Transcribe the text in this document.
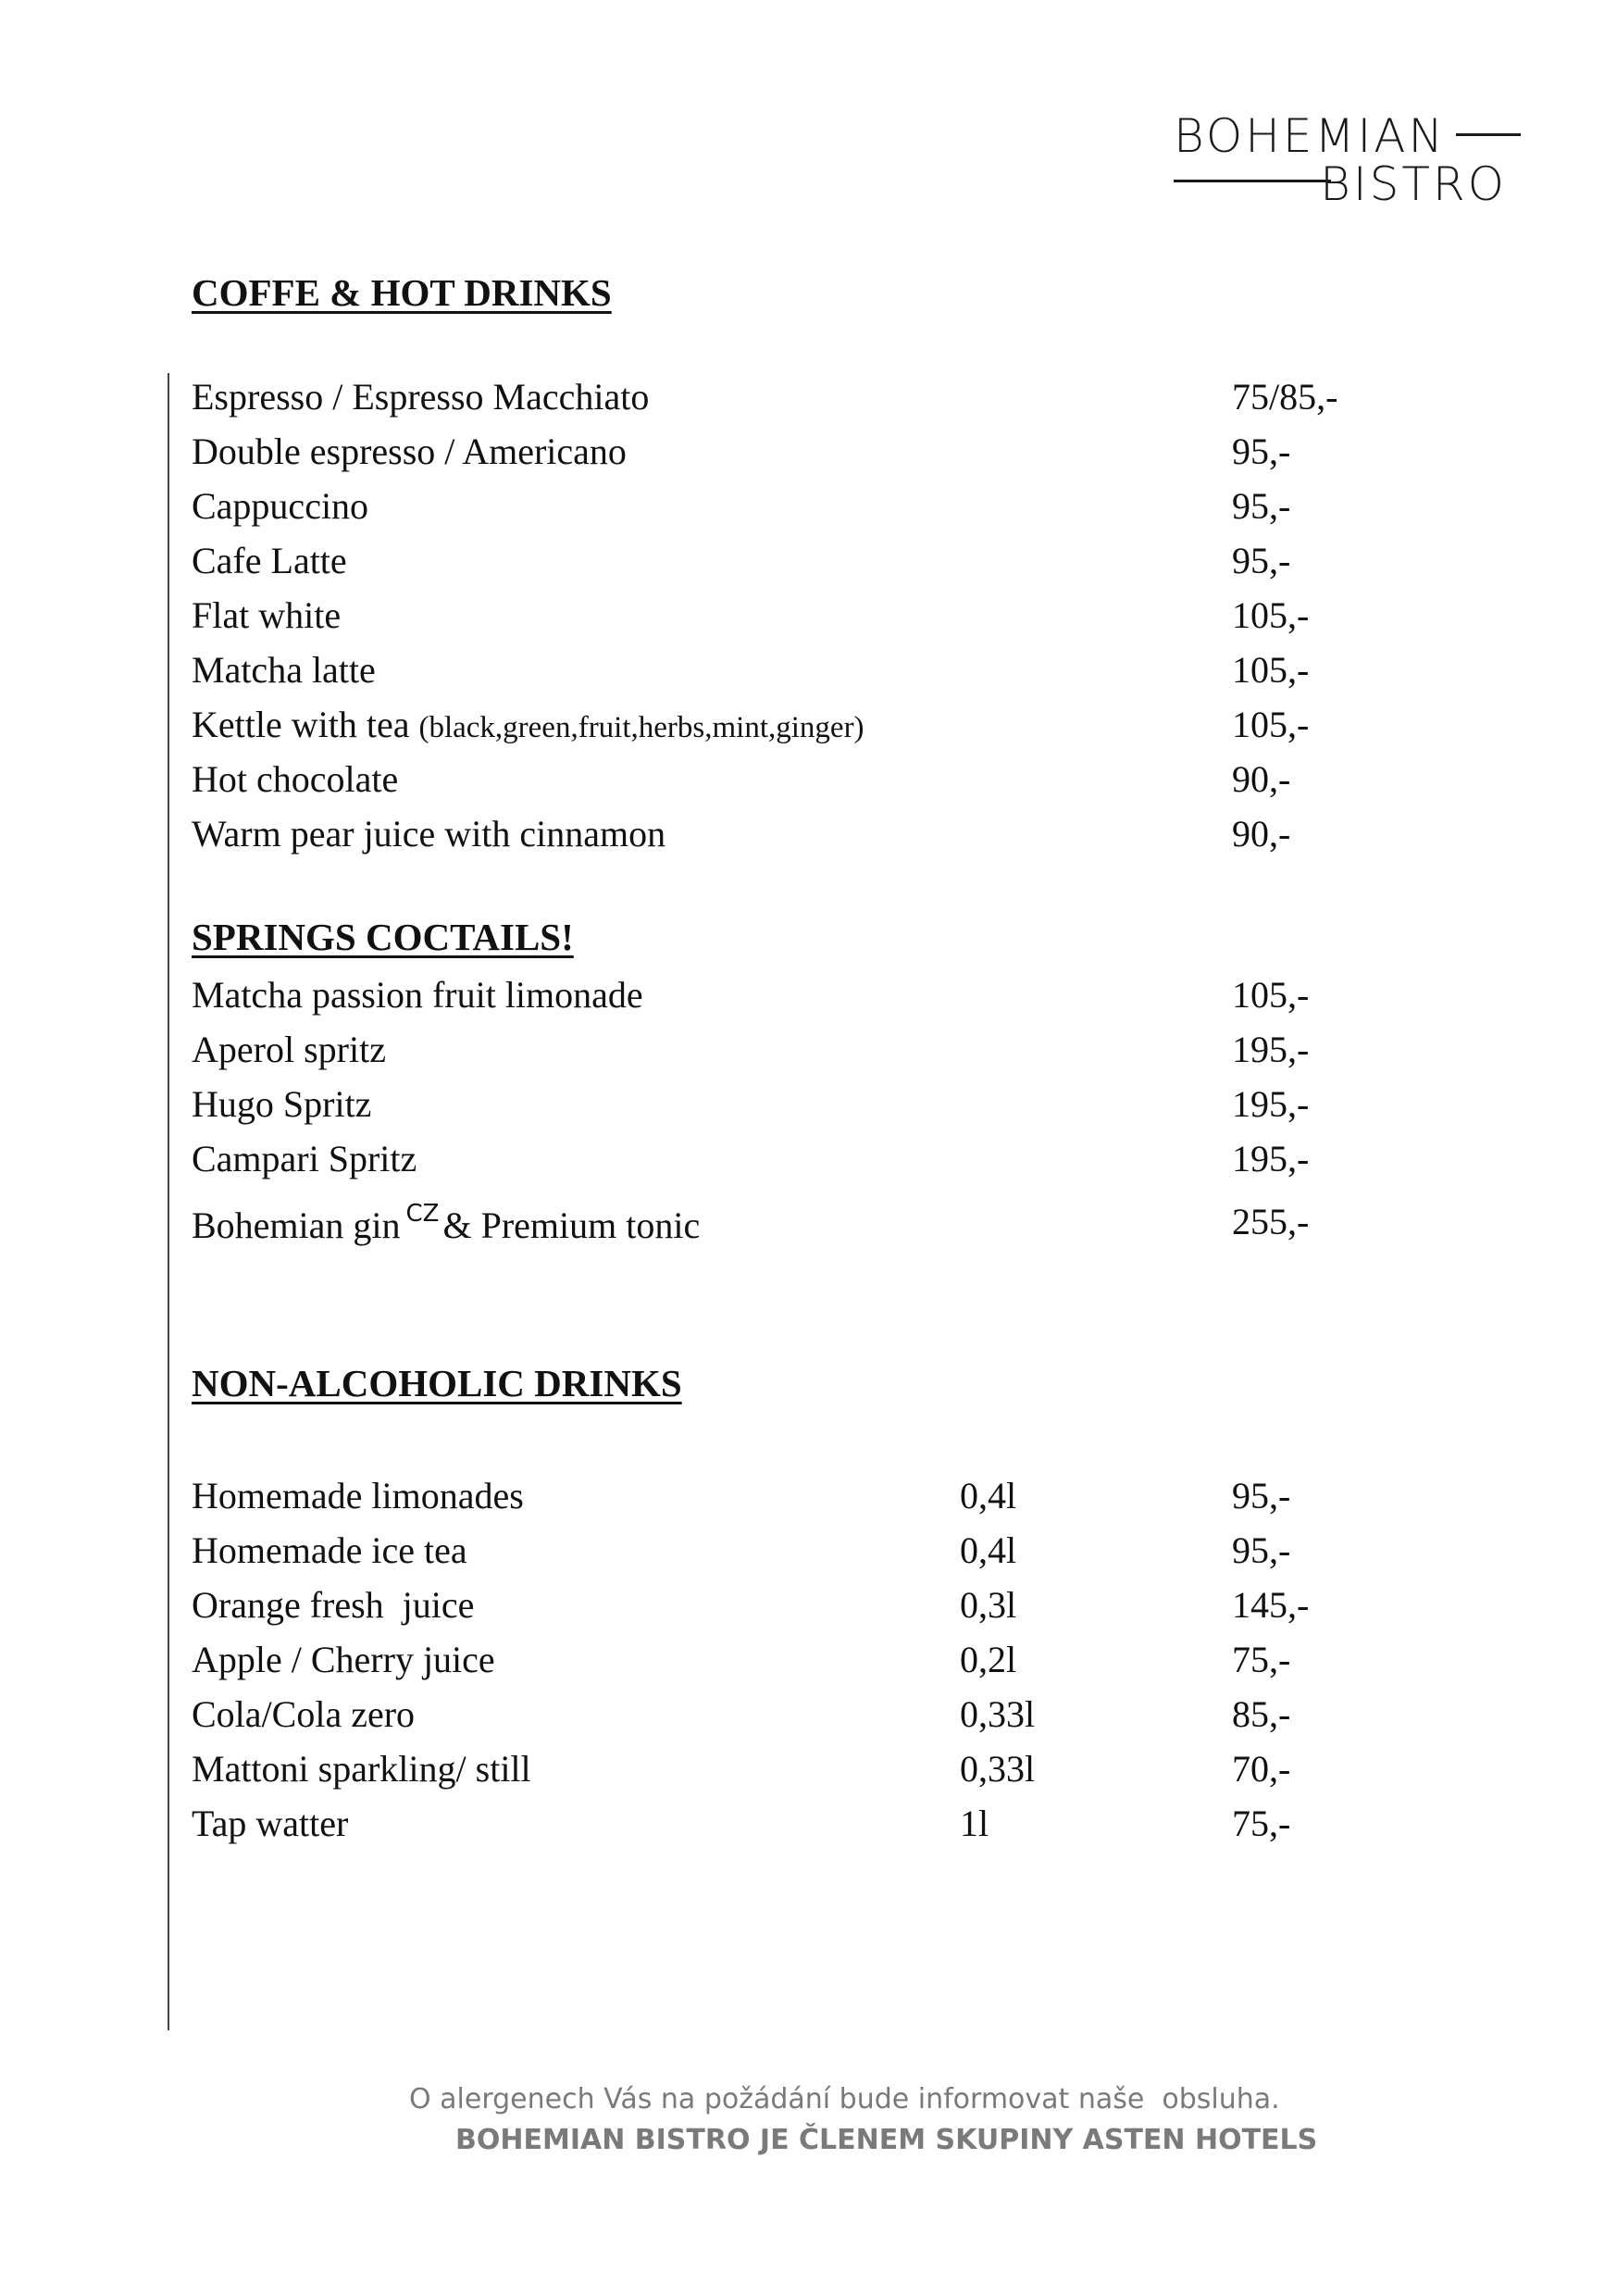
BOHEMIAN
BISTRO
COFFE & HOT DRINKS
Espresso / Espresso Macchiato	75/85,-
Double espresso / Americano	95,-
Cappuccino	95,-
Cafe Latte	95,-
Flat white	105,-
Matcha latte	105,-
Kettle with tea (black,green,fruit,herbs,mint,ginger)	105,-
Hot chocolate	90,-
Warm pear juice with cinnamon	90,-
SPRINGS COCTAILS!
Matcha passion fruit limonade	105,-
Aperol spritz	195,-
Hugo Spritz	195,-
Campari Spritz	195,-
Bohemian gin $^{CZ}$ & Premium tonic	255,-
NON-ALCOHOLIC DRINKS
Homemade limonades	0,4l	95,-
Homemade ice tea	0,4l	95,-
Orange fresh  juice	0,3l	145,-
Apple / Cherry juice	0,2l	75,-
Cola/Cola zero	0,33l	85,-
Mattoni sparkling/ still	0,33l	70,-
Tap watter	1l	75,-
O alergenech Vás na požádání bude informovat naše  obsluha.
BOHEMIAN BISTRO JE ČLENEM SKUPINY ASTEN HOTELS
